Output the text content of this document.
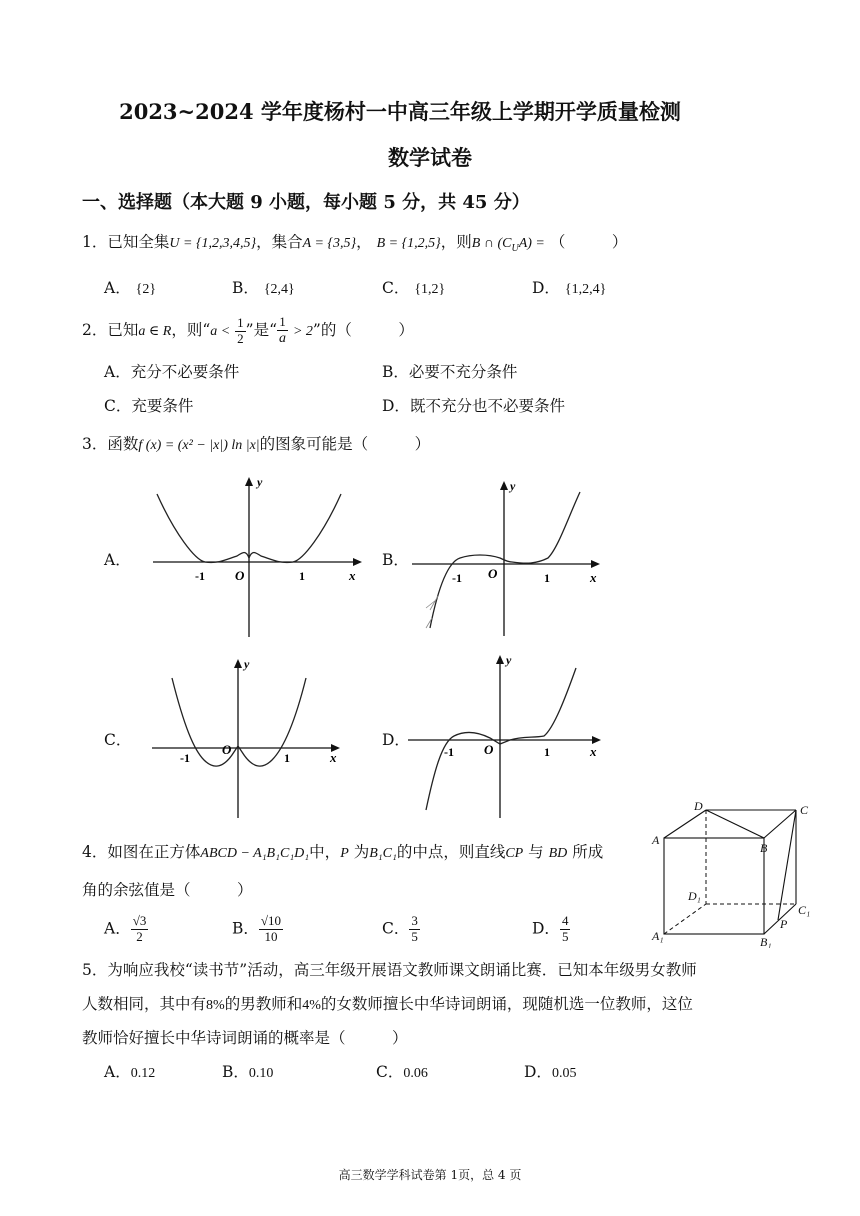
2023~2024 学年度杨村一中高三年级上学期开学质量检测
数学试卷
一、选择题（本大题 9 小题，每小题 5 分，共 45 分）
1．已知全集U = {1,2,3,4,5}，集合A = {3,5}， B = {1,2,5}，则B ∩ $(C_UA)$ = （　　　）
A． {2}	B． {2,4}	C． {1,2}	D． {1,2,4}
2．已知a ∈ R，则“$a < \frac{1}{2}$ ”是“ $\frac{1}{a} > 2$”的（　　　）
A．充分不必要条件	B．必要不充分条件
C．充要条件	D．既不充分也不必要条件
3．函数f (x) = (x² − |x|) ln |x|的图象可能是（　　　）
A．
-1 O	1	x
y
B．
-1 O	1	x
y
C．
-1
O
1	x
y
D．
-1 O	1	x
y
4．如图在正方体ABCD − A₁B₁C₁D₁中，P 为B₁C₁的中点，则直线CP 与 BD 所成
角的余弦值是（　　　）
A． $\frac{√3}{2}$	B． $\frac{√10}{10}$	C． $\frac{3}{5}$	D． $\frac{4}{5}$
D	C
A
B
D₁
C₁
P
A₁	B₁
5．为响应我校“读书节”活动，高三年级开展语文教师课文朗诵比赛．已知本年级男女教师
人数相同，其中有8%的男教师和4%的女数师擅长中华诗词朗诵，现随机选一位教师，这位
教师恰好擅长中华诗词朗诵的概率是（　　　）
A．0.12	B．0.10	C．0.06	D．0.05
高三数学学科试卷第 1页，总 4 页
